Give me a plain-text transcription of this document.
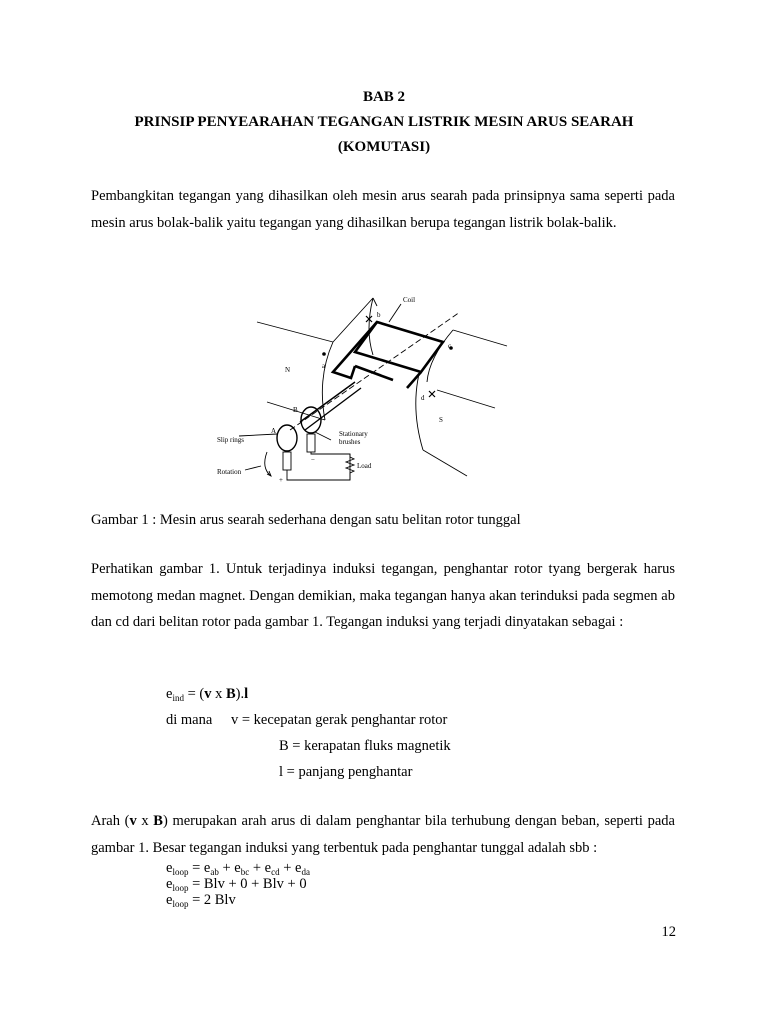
BAB 2
PRINSIP PENYEARAHAN TEGANGAN LISTRIK MESIN ARUS SEARAH
(KOMUTASI)
Pembangkitan tegangan yang dihasilkan oleh mesin arus searah pada prinsipnya sama seperti pada mesin arus bolak-balik yaitu tegangan yang dihasilkan berupa tegangan listrik bolak-balik.
Coil
b
c
a
d
N
S
Slip rings
Stationary
brushes
Load
Rotation
A
B
−
+
Gambar 1 : Mesin arus searah sederhana dengan satu belitan rotor tunggal
Perhatikan gambar 1. Untuk terjadinya induksi tegangan, penghantar rotor tyang bergerak harus memotong medan magnet. Dengan demikian, maka tegangan hanya akan terinduksi pada segmen ab dan cd dari belitan rotor pada gambar 1. Tegangan induksi yang terjadi dinyatakan sebagai :
$e_{ind} = (v$ x B).l
di mana v = kecepatan gerak penghantar rotor
B = kerapatan fluks magnetik
l = panjang penghantar
Arah (v x B) merupakan arah arus di dalam penghantar bila terhubung dengan beban, seperti pada gambar 1. Besar tegangan induksi yang terbentuk pada penghantar tunggal adalah sbb :
$e_{loop} = e_{ab} + e_{bc} + e_{cd} + e_{da}$
$e_{loop}$ = Blv + 0 + Blv + 0
$e_{loop} = 2$ Blv
12
